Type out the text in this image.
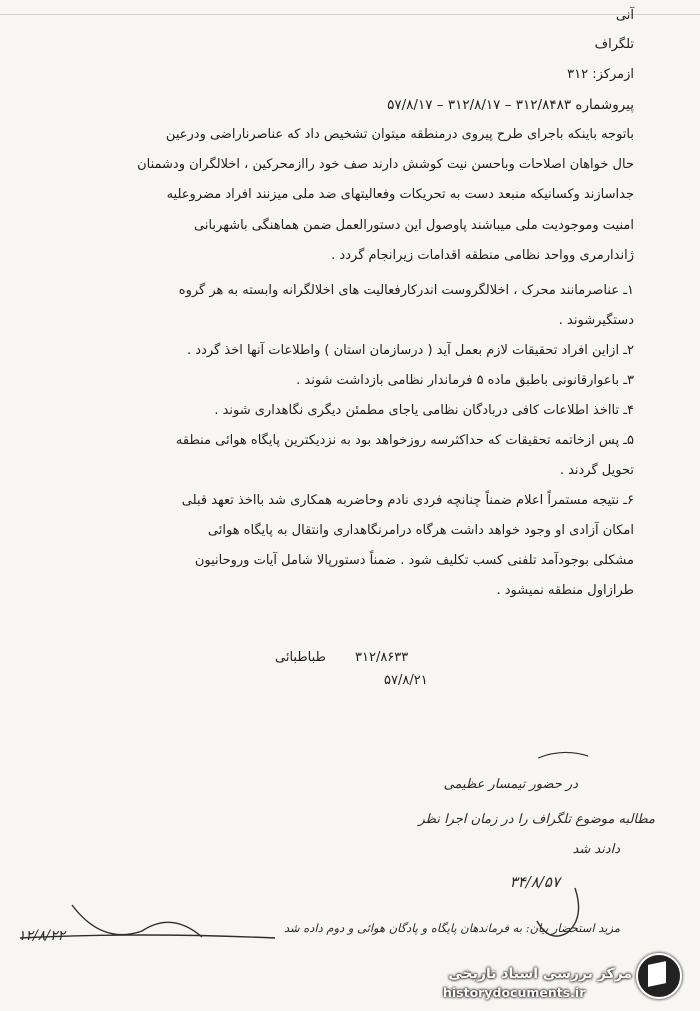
آنی
تلگراف
ازمرکز: ۳۱۲
پیروشماره ۳۱۲/۸۴۸۳ – ۳۱۲/۸/۱۷ – ۵۷/۸/۱۷
باتوجه باینکه باجرای طرح پیروی درمنطقه میتوان تشخیص داد که عناصرناراضی ودرعین
حال خواهان اصلاحات وباحسن نیت کوشش دارند صف خود راازمحرکین ، اخلالگران ودشمنان
جداسازند وکسانیکه منبعد دست به تحریکات وفعالیتهای ضد ملی میزنند افراد مضروعلیه
امنیت وموجودیت ملی میباشند پاوصول این دستورالعمل ضمن هماهنگی باشهربانی
ژاندارمری وواحد نظامی منطقه اقدامات زیرانجام گردد .
۱ـ عناصرمانند محرک ، اخلالگروست اندرکارفعالیت های اخلالگرانه وابسته به هر گروه
دستگیرشوند .
۲ـ ازاین افراد تحقیقات لازم بعمل آید ( درسازمان استان ) واطلاعات آنها اخذ گردد .
۳ـ باعوارقانونی باطبق ماده ۵ فرماندار نظامی بازداشت شوند .
۴ـ تااخذ اطلاعات کافی دربادگان نظامی یاجای مطمئن دیگری نگاهداری شوند .
۵ـ پس ازخاتمه تحقیقات که حداکثرسه روزخواهد بود به نزدیکترین پایگاه هوائی منطقه
تحویل گردند .
۶ـ نتیجه مستمراً اعلام ضمناً چنانچه فردی نادم وحاضربه همکاری شد بااخذ تعهد قبلی
امکان آزادی او وجود خواهد داشت هرگاه درامرنگاهداری وانتقال به پایگاه هوائی
مشکلی بوجودآمد تلفنی کسب تکلیف شود . ضمناً دستورپالا شامل آیات وروحانیون
طرازاول منطقه نمیشود .
۳۱۲/۸۶۳۳
طباطبائی
۵۷/۸/۲۱
در حضور تیمسار عظیمی
مطالبه موضوع تلگراف را در زمان اجرا نظر
دادند شد
۳۴/۸/۵۷
مزید استحضار بیان: به فرماندهان پایگاه و پادگان هوائی و دوم داده شد
۱۲/۸/۲۲
مرکز بررسی اسناد تاریخی
historydocuments.ir
